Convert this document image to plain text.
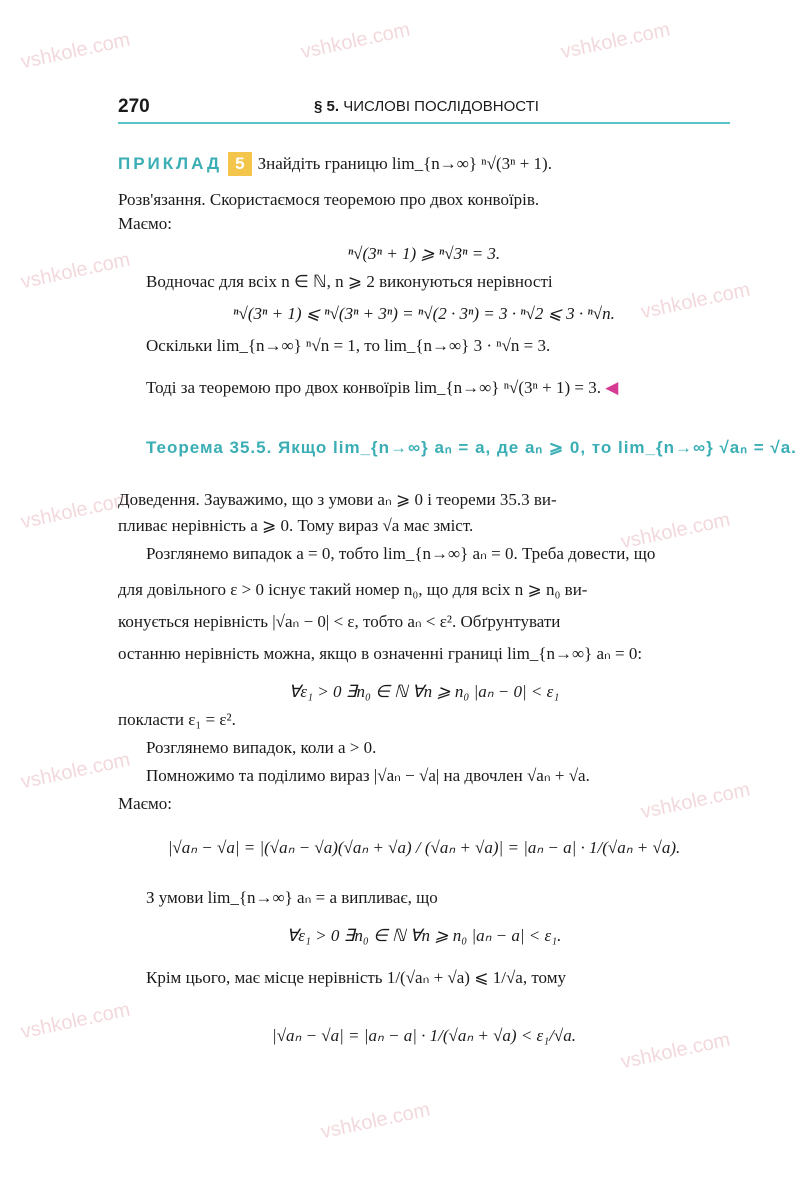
vshkole.com	vshkole.com	vshkole.com
vshkole.com
vshkole.com
vshkole.com	vshkole.com
vshkole.com
vshkole.com
vshkole.com
vshkole.com
vshkole.com
270	§ 5. ЧИСЛОВІ ПОСЛІДОВНОСТІ
ПРИКЛАД 5 Знайдіть границю lim_{n→∞} ⁿ√(3ⁿ + 1).
Розв'язання. Скористаємося теоремою про двох конвоїрів.
Маємо:
ⁿ√(3ⁿ + 1) ⩾ ⁿ√3ⁿ = 3.
Водночас для всіх n ∈ ℕ, n ⩾ 2 виконуються нерівності
ⁿ√(3ⁿ + 1) ⩽ ⁿ√(3ⁿ + 3ⁿ) = ⁿ√(2 · 3ⁿ) = 3 · ⁿ√2 ⩽ 3 · ⁿ√n.
Оскільки lim_{n→∞} ⁿ√n = 1, то lim_{n→∞} 3 · ⁿ√n = 3.
Тоді за теоремою про двох конвоїрів lim_{n→∞} ⁿ√(3ⁿ + 1) = 3. ◀
Теорема 35.5. Якщо lim_{n→∞} aₙ = a, де aₙ ⩾ 0, то lim_{n→∞} √aₙ = √a.
Доведення. Зауважимо, що з умови aₙ ⩾ 0 і теореми 35.3 ви-
пливає нерівність a ⩾ 0. Тому вираз √a має зміст.
Розглянемо випадок a = 0, тобто lim_{n→∞} aₙ = 0. Треба довести, що
для довільного ε > 0 існує такий номер n₀, що для всіх n ⩾ n₀ ви-
конується нерівність |√aₙ − 0| < ε, тобто aₙ < ε². Обґрунтувати
останню нерівність можна, якщо в означенні границі lim_{n→∞} aₙ = 0:
∀ε₁ > 0 ∃n₀ ∈ ℕ ∀n ⩾ n₀ |aₙ − 0| < ε₁
покласти ε₁ = ε².
Розглянемо випадок, коли a > 0.
Помножимо та поділимо вираз |√aₙ − √a| на двочлен √aₙ + √a.
Маємо:
|√aₙ − √a| = |(√aₙ − √a)(√aₙ + √a) / (√aₙ + √a)| = |aₙ − a| · 1/(√aₙ + √a).
З умови lim_{n→∞} aₙ = a випливає, що
∀ε₁ > 0 ∃n₀ ∈ ℕ ∀n ⩾ n₀ |aₙ − a| < ε₁.
Крім цього, має місце нерівність 1/(√aₙ + √a) ⩽ 1/√a, тому
|√aₙ − √a| = |aₙ − a| · 1/(√aₙ + √a) < ε₁/√a.
